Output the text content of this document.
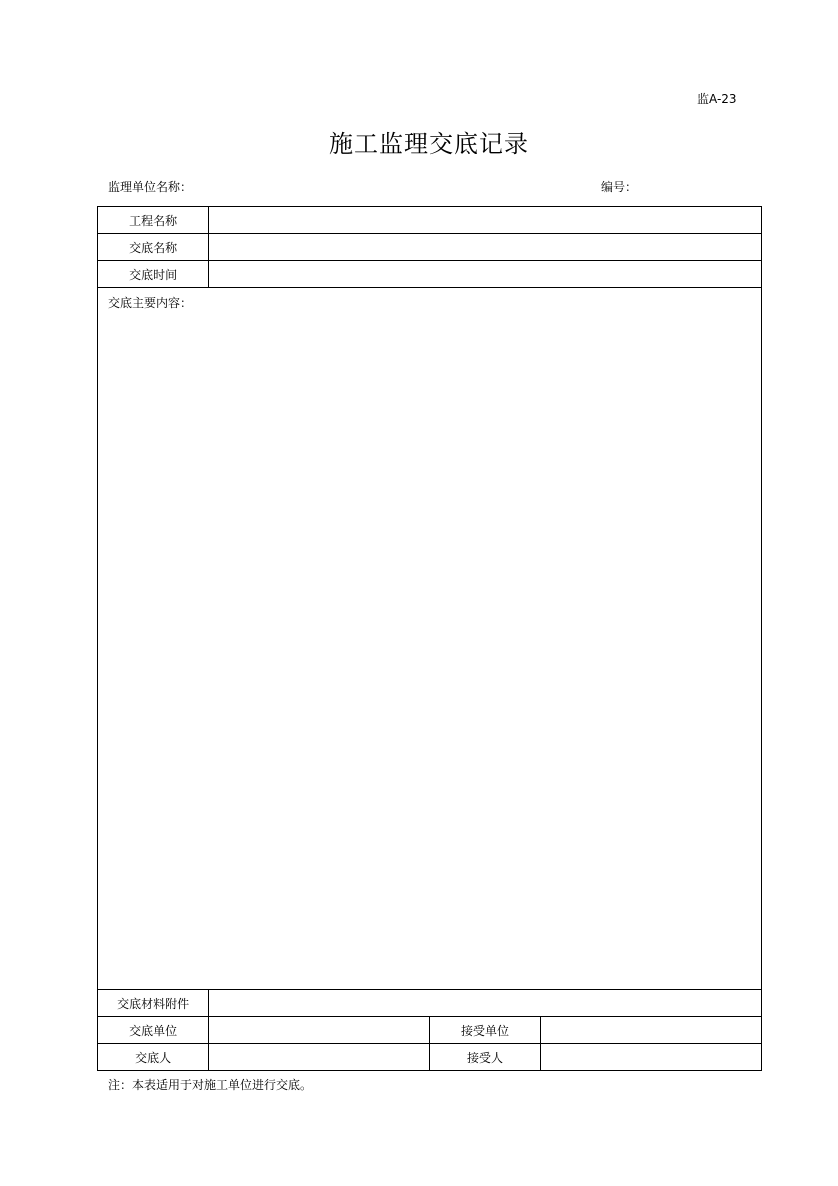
监A-23
施工监理交底记录
监理单位名称：	编号：
工程名称			
交底名称			
交底时间			

交底主要内容：			

交底材料附件			
交底单位		接受单位	
交底人		接受人	
注：本表适用于对施工单位进行交底。
